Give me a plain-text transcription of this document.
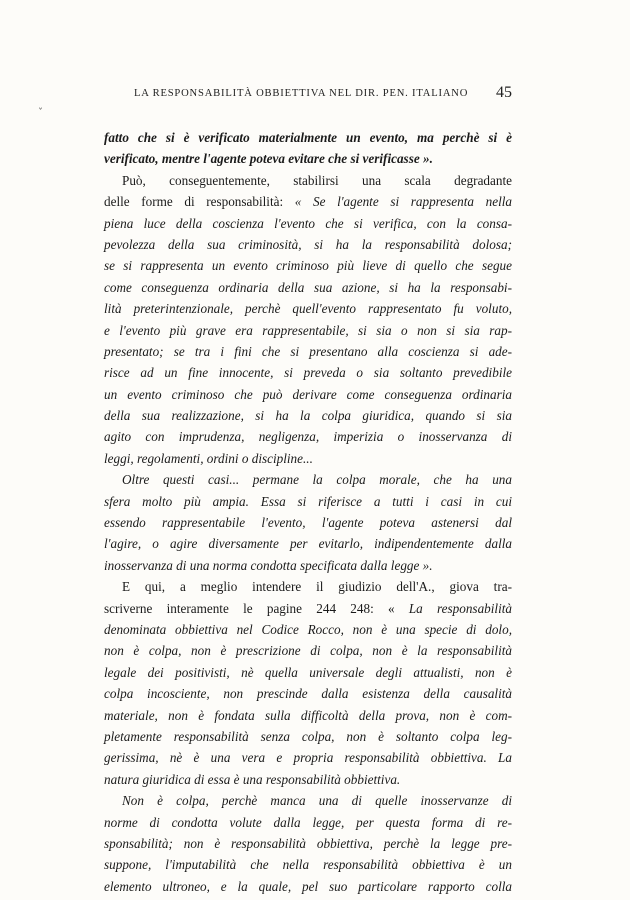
LA RESPONSABILITÀ OBBIETTIVA NEL DIR. PEN. ITALIANO 45
ˇ
fatto che si è verificato materialmente un evento, ma perchè si è
verificato, mentre l'agente poteva evitare che si verificasse ».
Può, conseguentemente, stabilirsi una scala degradante
delle forme di responsabilità: « Se l'agente si rappresenta nella
piena luce della coscienza l'evento che si verifica, con la consa-
pevolezza della sua criminosità, si ha la responsabilità dolosa;
se si rappresenta un evento criminoso più lieve di quello che segue
come conseguenza ordinaria della sua azione, si ha la responsabi-
lità preterintenzionale, perchè quell'evento rappresentato fu voluto,
e l'evento più grave era rappresentabile, si sia o non si sia rap-
presentato; se tra i fini che si presentano alla coscienza si ade-
risce ad un fine innocente, si preveda o sia soltanto prevedibile
un evento criminoso che può derivare come conseguenza ordinaria
della sua realizzazione, si ha la colpa giuridica, quando si sia
agito con imprudenza, negligenza, imperizia o inosservanza di
leggi, regolamenti, ordini o discipline...
Oltre questi casi... permane la colpa morale, che ha una
sfera molto più ampia. Essa si riferisce a tutti i casi in cui
essendo rappresentabile l'evento, l'agente poteva astenersi dal
l'agire, o agire diversamente per evitarlo, indipendentemente dalla
inosservanza di una norma condotta specificata dalla legge ».
E qui, a meglio intendere il giudizio dell'A., giova tra-
scriverne interamente le pagine 244 248: « La responsabilità
denominata obbiettiva nel Codice Rocco, non è una specie di dolo,
non è colpa, non è prescrizione di colpa, non è la responsabilità
legale dei positivisti, nè quella universale degli attualisti, non è
colpa incosciente, non prescinde dalla esistenza della causalità
materiale, non è fondata sulla difficoltà della prova, non è com-
pletamente responsabilità senza colpa, non è soltanto colpa leg-
gerissima, nè è una vera e propria responsabilità obbiettiva. La
natura giuridica di essa è una responsabilità obbiettiva.
Non è colpa, perchè manca una di quelle inosservanze di
norme di condotta volute dalla legge, per questa forma di re-
sponsabilità; non è responsabilità obbiettiva, perchè la legge pre-
suppone, l'imputabilità che nella responsabilità obbiettiva è un
elemento ultroneo, e la quale, pel suo particolare rapporto colla
